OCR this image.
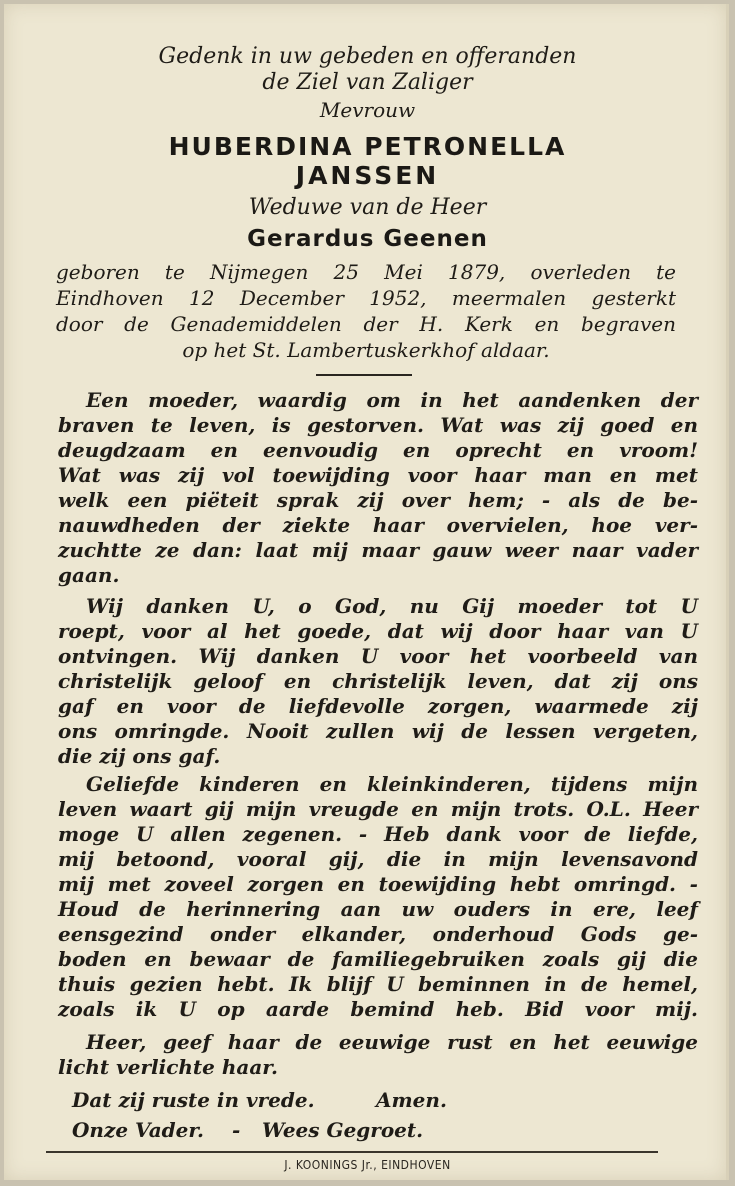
Gedenk in uw gebeden en offeranden
de Ziel van Zaliger
Mevrouw
HUBERDINA PETRONELLA
JANSSEN
Weduwe van de Heer
Gerardus Geenen
geboren te Nijmegen 25 Mei 1879, overleden te
Eindhoven 12 December 1952, meermalen gesterkt
door de Genademiddelen der H. Kerk en begraven
op het St. Lambertuskerkhof aldaar.
Een moeder, waardig om in het aandenken der
braven te leven, is gestorven. Wat was zij goed en
deugdzaam en eenvoudig en oprecht en vroom!
Wat was zij vol toewijding voor haar man en met
welk een piëteit sprak zij over hem; - als de be-
nauwdheden der ziekte haar overvielen, hoe ver-
zuchtte ze dan: laat mij maar gauw weer naar vader
gaan.
Wij danken U, o God, nu Gij moeder tot U
roept, voor al het goede, dat wij door haar van U
ontvingen. Wij danken U voor het voorbeeld van
christelijk geloof en christelijk leven, dat zij ons
gaf en voor de liefdevolle zorgen, waarmede zij
ons omringde. Nooit zullen wij de lessen vergeten,
die zij ons gaf.
Geliefde kinderen en kleinkinderen, tijdens mijn
leven waart gij mijn vreugde en mijn trots. O.L. Heer
moge U allen zegenen. - Heb dank voor de liefde,
mij betoond, vooral gij, die in mijn levensavond
mij met zoveel zorgen en toewijding hebt omringd. -
Houd de herinnering aan uw ouders in ere, leef
eensgezind onder elkander, onderhoud Gods ge-
boden en bewaar de familiegebruiken zoals gij die
thuis gezien hebt. Ik blijf U beminnen in de hemel,
zoals ik U op aarde bemind heb. Bid voor mij.
Heer, geef haar de eeuwige rust en het eeuwige
licht verlichte haar.
Dat zij ruste in vrede.	Amen.
Onze Vader. - Wees Gegroet.
J. KOONINGS Jr., EINDHOVEN
